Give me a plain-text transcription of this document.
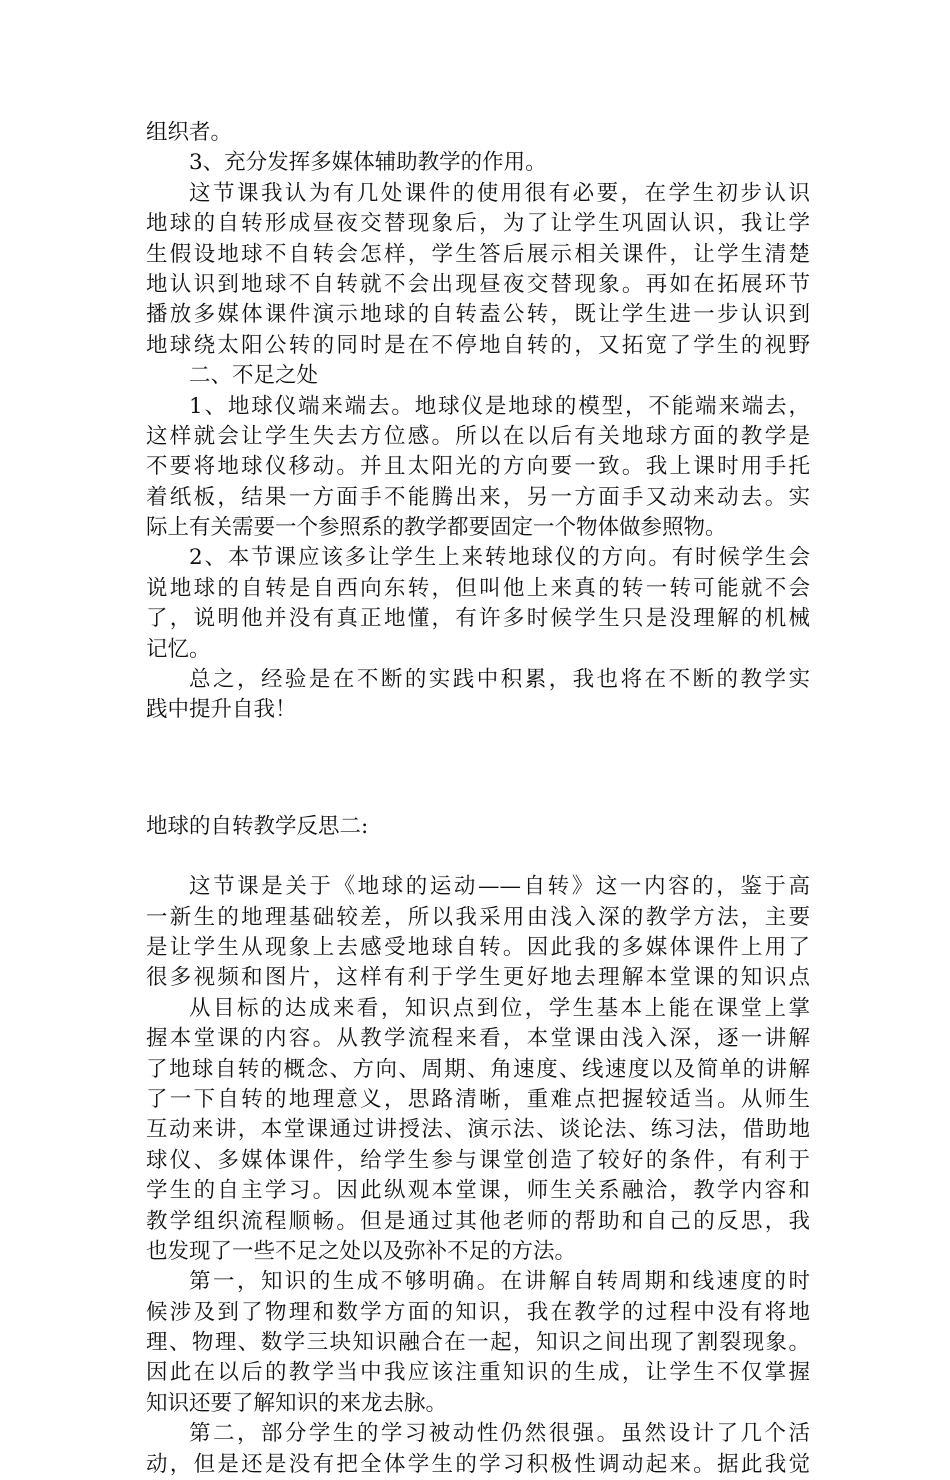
组织者。
3、充分发挥多媒体辅助教学的作用。
这节课我认为有几处课件的使用很有必要，在学生初步认识
地球的自转形成昼夜交替现象后，为了让学生巩固认识，我让学
生假设地球不自转会怎样，学生答后展示相关课件，让学生清楚
地认识到地球不自转就不会出现昼夜交替现象。再如在拓展环节
播放多媒体课件演示地球的自转盍公转，既让学生进一步认识到
地球绕太阳公转的同时是在不停地自转的，又拓宽了学生的视野
二、不足之处
1、地球仪端来端去。地球仪是地球的模型，不能端来端去，
这样就会让学生失去方位感。所以在以后有关地球方面的教学是
不要将地球仪移动。并且太阳光的方向要一致。我上课时用手托
着纸板，结果一方面手不能腾出来，另一方面手又动来动去。实
际上有关需要一个参照系的教学都要固定一个物体做参照物。
2、本节课应该多让学生上来转地球仪的方向。有时候学生会
说地球的自转是自西向东转，但叫他上来真的转一转可能就不会
了，说明他并没有真正地懂，有许多时候学生只是没理解的机械
记忆。
总之，经验是在不断的实践中积累，我也将在不断的教学实
践中提升自我！
地球的自转教学反思二:
这节课是关于《地球的运动——自转》这一内容的，鉴于高
一新生的地理基础较差，所以我采用由浅入深的教学方法，主要
是让学生从现象上去感受地球自转。因此我的多媒体课件上用了
很多视频和图片，这样有利于学生更好地去理解本堂课的知识点
从目标的达成来看，知识点到位，学生基本上能在课堂上掌
握本堂课的内容。从教学流程来看，本堂课由浅入深，逐一讲解
了地球自转的概念、方向、周期、角速度、线速度以及简单的讲解
了一下自转的地理意义，思路清晰，重难点把握较适当。从师生
互动来讲，本堂课通过讲授法、演示法、谈论法、练习法，借助地
球仪、多媒体课件，给学生参与课堂创造了较好的条件，有利于
学生的自主学习。因此纵观本堂课，师生关系融洽，教学内容和
教学组织流程顺畅。但是通过其他老师的帮助和自己的反思，我
也发现了一些不足之处以及弥补不足的方法。
第一，知识的生成不够明确。在讲解自转周期和线速度的时
候涉及到了物理和数学方面的知识，我在教学的过程中没有将地
理、物理、数学三块知识融合在一起，知识之间出现了割裂现象。
因此在以后的教学当中我应该注重知识的生成，让学生不仅掌握
知识还要了解知识的来龙去脉。
第二，部分学生的学习被动性仍然很强。虽然设计了几个活
动，但是还是没有把全体学生的学习积极性调动起来。据此我觉
